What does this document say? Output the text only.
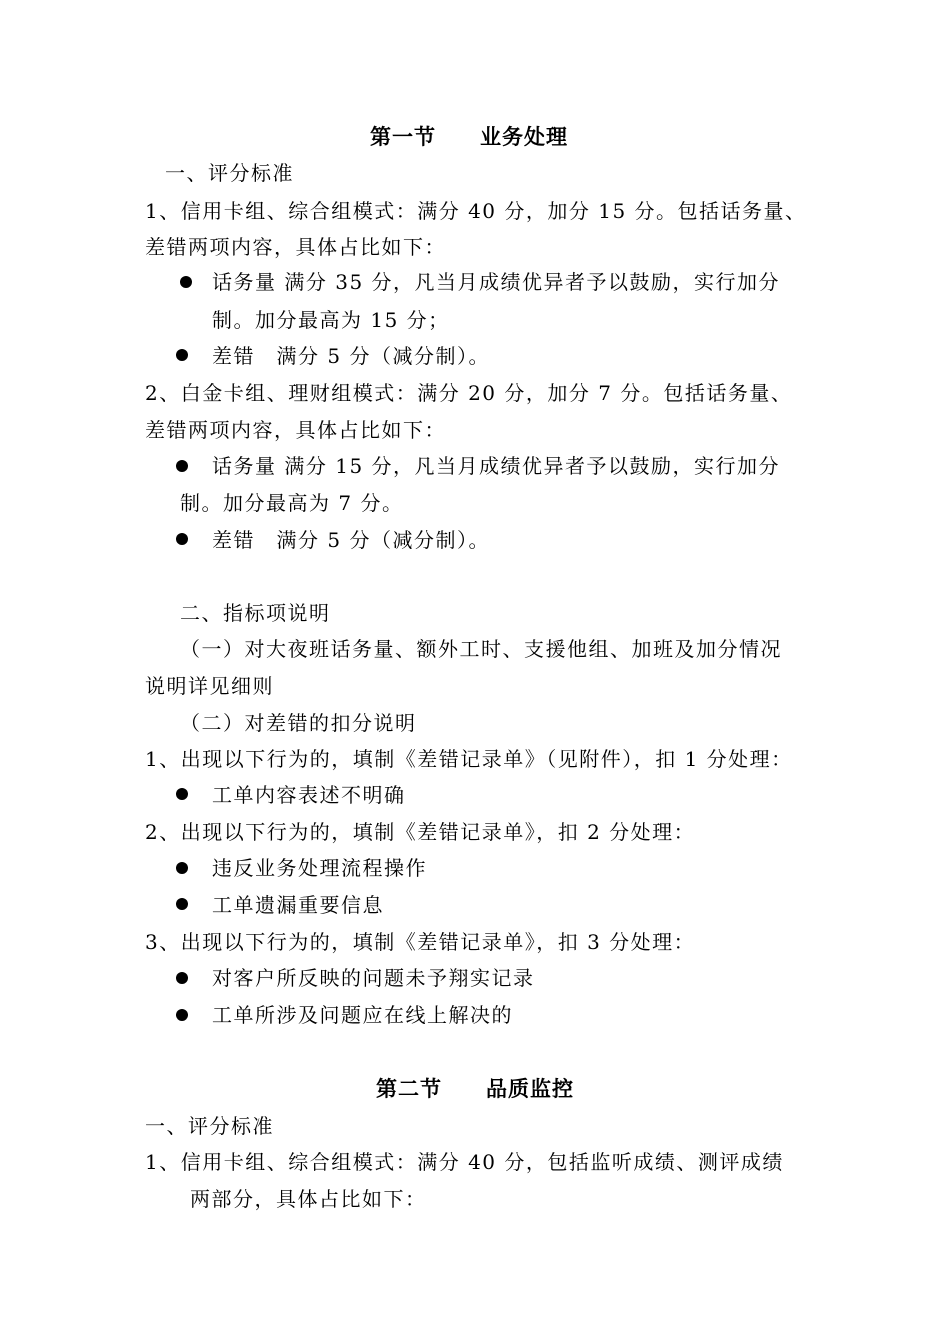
第一节 业务处理
一、评分标准
1、信用卡组、综合组模式：满分 40 分，加分 15 分。包括话务量、
差错两项内容，具体占比如下：
话务量 满分 35 分，凡当月成绩优异者予以鼓励，实行加分
制。加分最高为 15 分；
差错　满分 5 分（减分制）。
2、白金卡组、理财组模式：满分 20 分，加分 7 分。包括话务量、
差错两项内容，具体占比如下：
话务量 满分 15 分，凡当月成绩优异者予以鼓励，实行加分
制。加分最高为 7 分。
差错　满分 5 分（减分制）。
二、指标项说明
（一）对大夜班话务量、额外工时、支援他组、加班及加分情况
说明详见细则
（二）对差错的扣分说明
1、出现以下行为的，填制《差错记录单》（见附件），扣 1 分处理：
工单内容表述不明确
2、出现以下行为的，填制《差错记录单》，扣 2 分处理：
违反业务处理流程操作
工单遗漏重要信息
3、出现以下行为的，填制《差错记录单》，扣 3 分处理：
对客户所反映的问题未予翔实记录
工单所涉及问题应在线上解决的
第二节 品质监控
一、评分标准
1、信用卡组、综合组模式：满分 40 分，包括监听成绩、测评成绩
两部分，具体占比如下：
